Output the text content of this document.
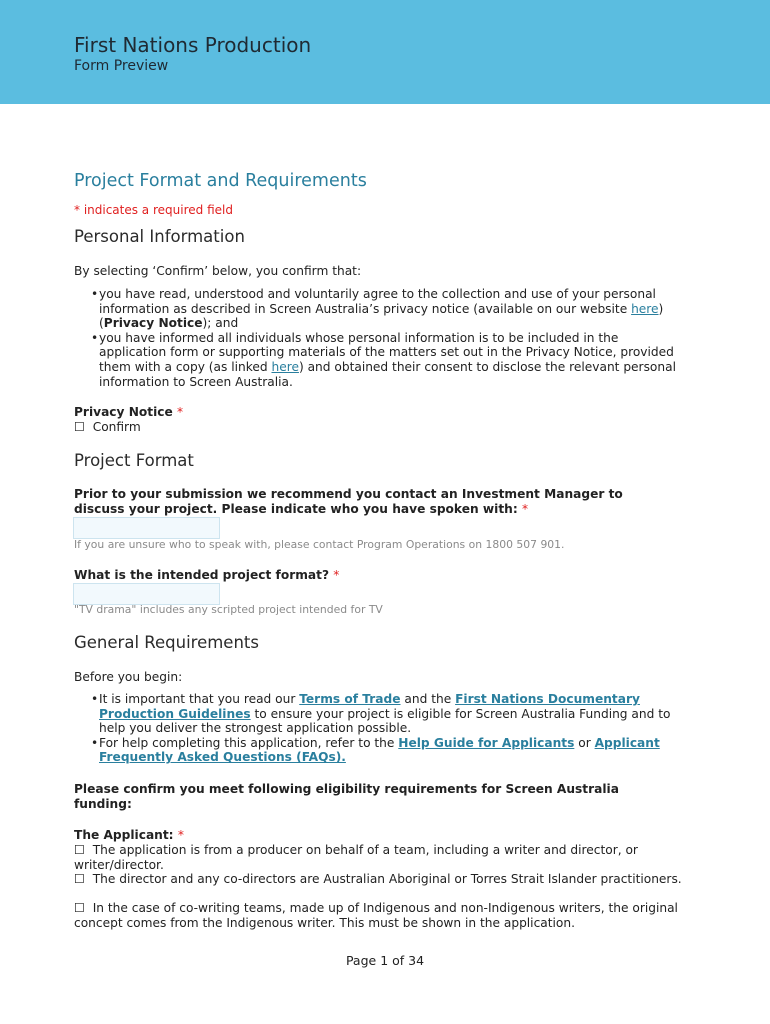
First Nations Production
Form Preview
Project Format and Requirements
* indicates a required field
Personal Information
By selecting ‘Confirm’ below, you confirm that:
• you have read, understood and voluntarily agree to the collection and use of your personal information as described in Screen Australia’s privacy notice (available on our website here) (Privacy Notice); and
• you have informed all individuals whose personal information is to be included in the application form or supporting materials of the matters set out in the Privacy Notice, provided them with a copy (as linked here) and obtained their consent to disclose the relevant personal information to Screen Australia.
Privacy Notice *
☐ Confirm
Project Format
Prior to your submission we recommend you contact an Investment Manager to discuss your project. Please indicate who you have spoken with: *
If you are unsure who to speak with, please contact Program Operations on 1800 507 901.
What is the intended project format? *
"TV drama" includes any scripted project intended for TV
General Requirements
Before you begin:
• It is important that you read our Terms of Trade and the First Nations Documentary Production Guidelines to ensure your project is eligible for Screen Australia Funding and to help you deliver the strongest application possible.
• For help completing this application, refer to the Help Guide for Applicants or Applicant Frequently Asked Questions (FAQs).
Please confirm you meet following eligibility requirements for Screen Australia funding:
The Applicant: *
☐ The application is from a producer on behalf of a team, including a writer and director, or writer/director.
☐ The director and any co-directors are Australian Aboriginal or Torres Strait Islander practitioners.
☐ In the case of co-writing teams, made up of Indigenous and non-Indigenous writers, the original concept comes from the Indigenous writer. This must be shown in the application.
Page 1 of 34
